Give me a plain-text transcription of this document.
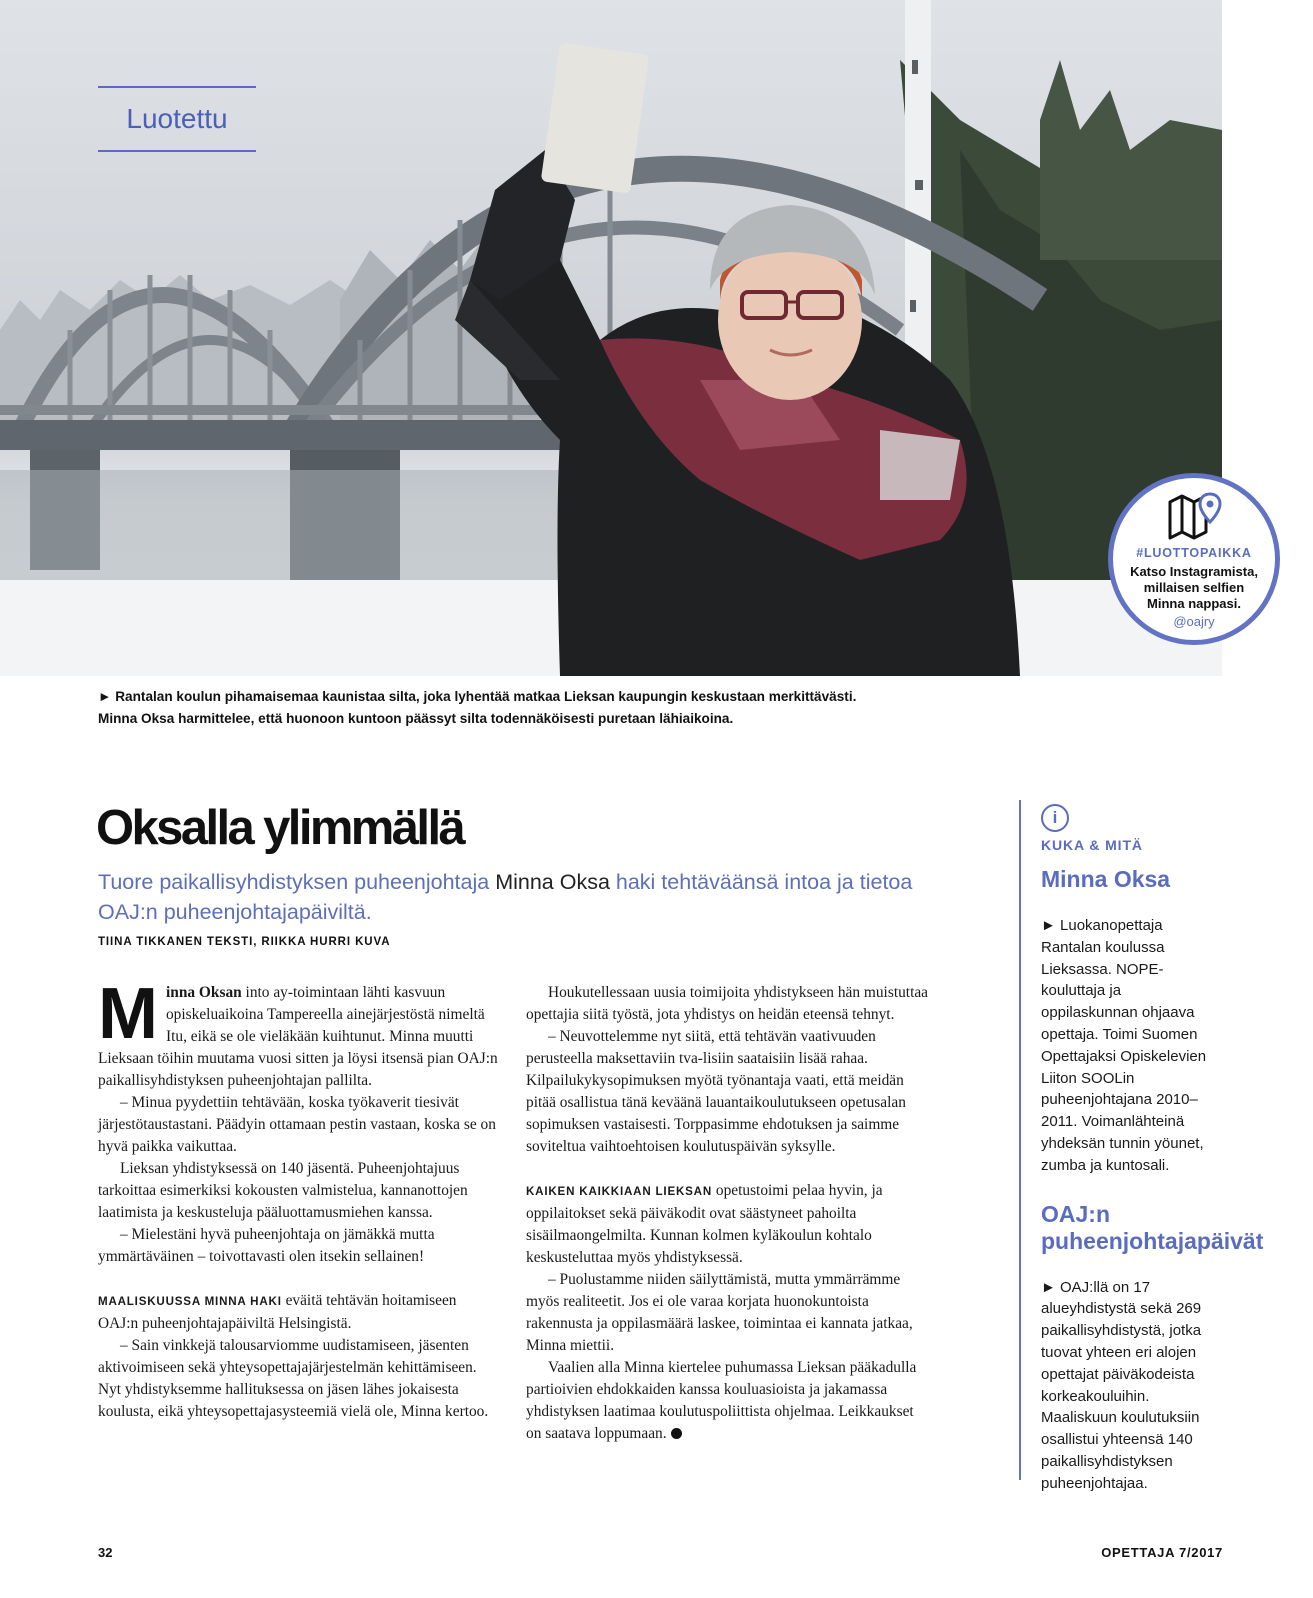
Luotettu
#LUOTTOPAIKKA
Katso Instagramista,
millaisen selfien
Minna nappasi.
@oajry
► Rantalan koulun pihamaisemaa kaunistaa silta, joka lyhentää matkaa Lieksan kaupungin keskustaan merkittävästi.
Minna Oksa harmittelee, että huonoon kuntoon päässyt silta todennäköisesti puretaan lähiaikoina.
Oksalla ylimmällä
Tuore paikallisyhdistyksen puheenjohtaja Minna Oksa haki tehtäväänsä intoa ja tietoa OAJ:n puheenjohtajapäiviltä.
TIINA TIKKANEN TEKSTI, RIIKKA HURRI KUVA

Minna Oksan into ay-toimintaan lähti kasvuun opiskeluaikoina Tampereella ainejärjestöstä nimeltä Itu, eikä se ole vieläkään kuihtunut. Minna muutti Lieksaan töihin muutama vuosi sitten ja löysi itsensä pian OAJ:n paikallisyhdistyksen puheenjohtajan pallilta.

– Minua pyydettiin tehtävään, koska työkaverit tiesivät järjestötaustastani. Päädyin ottamaan pestin vastaan, koska se on hyvä paikka vaikuttaa.

Lieksan yhdistyksessä on 140 jäsentä. Puheenjohtajuus tarkoittaa esimerkiksi kokousten valmistelua, kannanottojen laatimista ja keskusteluja pääluottamusmiehen kanssa.

– Mielestäni hyvä puheenjohtaja on jämäkkä mutta ymmärtäväinen – toivottavasti olen itsekin sellainen!

MAALISKUUSSA MINNA HAKI eväitä tehtävän hoitamiseen OAJ:n puheenjohtajapäiviltä Helsingistä.

– Sain vinkkejä talousarviomme uudistamiseen, jäsenten aktivoimiseen sekä yhteysopettajajärjestelmän kehittämiseen. Nyt yhdistyksemme hallituksessa on jäsen lähes jokaisesta koulusta, eikä yhteysopettajasysteemiä vielä ole, Minna kertoo.

Houkutellessaan uusia toimijoita yhdistykseen hän muistuttaa opettajia siitä työstä, jota yhdistys on heidän eteensä tehnyt.

– Neuvottelemme nyt siitä, että tehtävän vaativuuden perusteella maksettaviin tva-lisiin saataisiin lisää rahaa. Kilpailukykysopimuksen myötä työnantaja vaati, että meidän pitää osallistua tänä keväänä lauantaikoulutukseen opetusalan sopimuksen vastaisesti. Torppasimme ehdotuksen ja saimme soviteltua vaihtoehtoisen koulutuspäivän syksylle.

KAIKEN KAIKKIAAN LIEKSAN opetustoimi pelaa hyvin, ja oppilaitokset sekä päiväkodit ovat säästyneet pahoilta sisäilmaongelmilta. Kunnan kolmen kyläkoulun kohtalo keskusteluttaa myös yhdistyksessä.

– Puolustamme niiden säilyttämistä, mutta ymmärrämme myös realiteetit. Jos ei ole varaa korjata huonokuntoista rakennusta ja oppilasmäärä laskee, toimintaa ei kannata jatkaa, Minna miettii.

Vaalien alla Minna kiertelee puhumassa Lieksan pääkadulla partioivien ehdokkaiden kanssa kouluasioista ja jakamassa yhdistyksen laatimaa koulutuspoliittista ohjelmaa. Leikkaukset on saatava loppumaan.

i
KUKA & MITÄ
Minna Oksa
► Luokanopettaja Rantalan koulussa Lieksassa. NOPE-kouluttaja ja oppilaskunnan ohjaava opettaja. Toimi Suomen Opettajaksi Opiskelevien Liiton SOOLin puheenjohtajana 2010–2011. Voimanlähteinä yhdeksän tunnin yöunet, zumba ja kuntosali.
OAJ:n puheenjohtajapäivät
► OAJ:llä on 17 alueyhdistystä sekä 269 paikallisyhdistystä, jotka tuovat yhteen eri alojen opettajat päiväkodeista korkeakouluihin. Maaliskuun koulutuksiin osallistui yhteensä 140 paikallisyhdistyksen puheenjohtajaa.
32	OPETTAJA 7/2017
